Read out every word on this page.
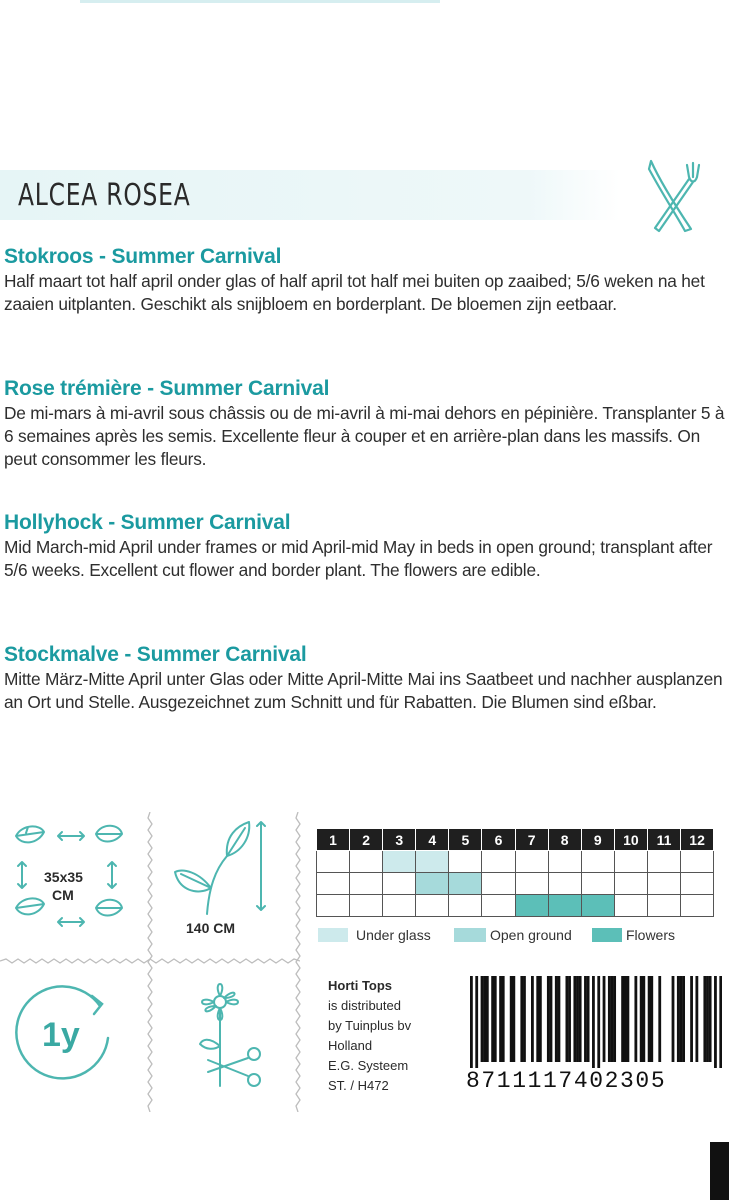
ALCEA ROSEA
Stokroos - Summer Carnival

Half maart tot half april onder glas of half april tot half mei buiten op zaaibed; 5/6 weken na het zaaien uitplanten. Geschikt als snijbloem en borderplant. De bloemen zijn eetbaar.

Rose trémière - Summer Carnival

De mi-mars à mi-avril sous châssis ou de mi-avril à mi-mai dehors en pépinière. Transplanter 5 à 6 semaines après les semis. Excellente fleur à couper et en arrière-plan dans les massifs. On peut consommer les fleurs.

Hollyhock - Summer Carnival

Mid March-mid April under frames or mid April-mid May in beds in open ground; transplant after 5/6 weeks. Excellent cut flower and border plant. The flowers are edible.

Stockmalve - Summer Carnival

Mitte März-Mitte April unter Glas oder Mitte April-Mitte Mai ins Saatbeet und nachher ausplanzen an Ort und Stelle. Ausgezeichnet zum Schnitt und für Rabatten. Die Blumen sind eßbar.

35x35
CM
140 CM
1y
1	2	3	4	5	6	7	8	9	10	11	12

Under glass	Open ground	Flowers
Horti Tops
is distributed
by Tuinplus bv
Holland
E.G. Systeem
ST. / H472	8711117402305
